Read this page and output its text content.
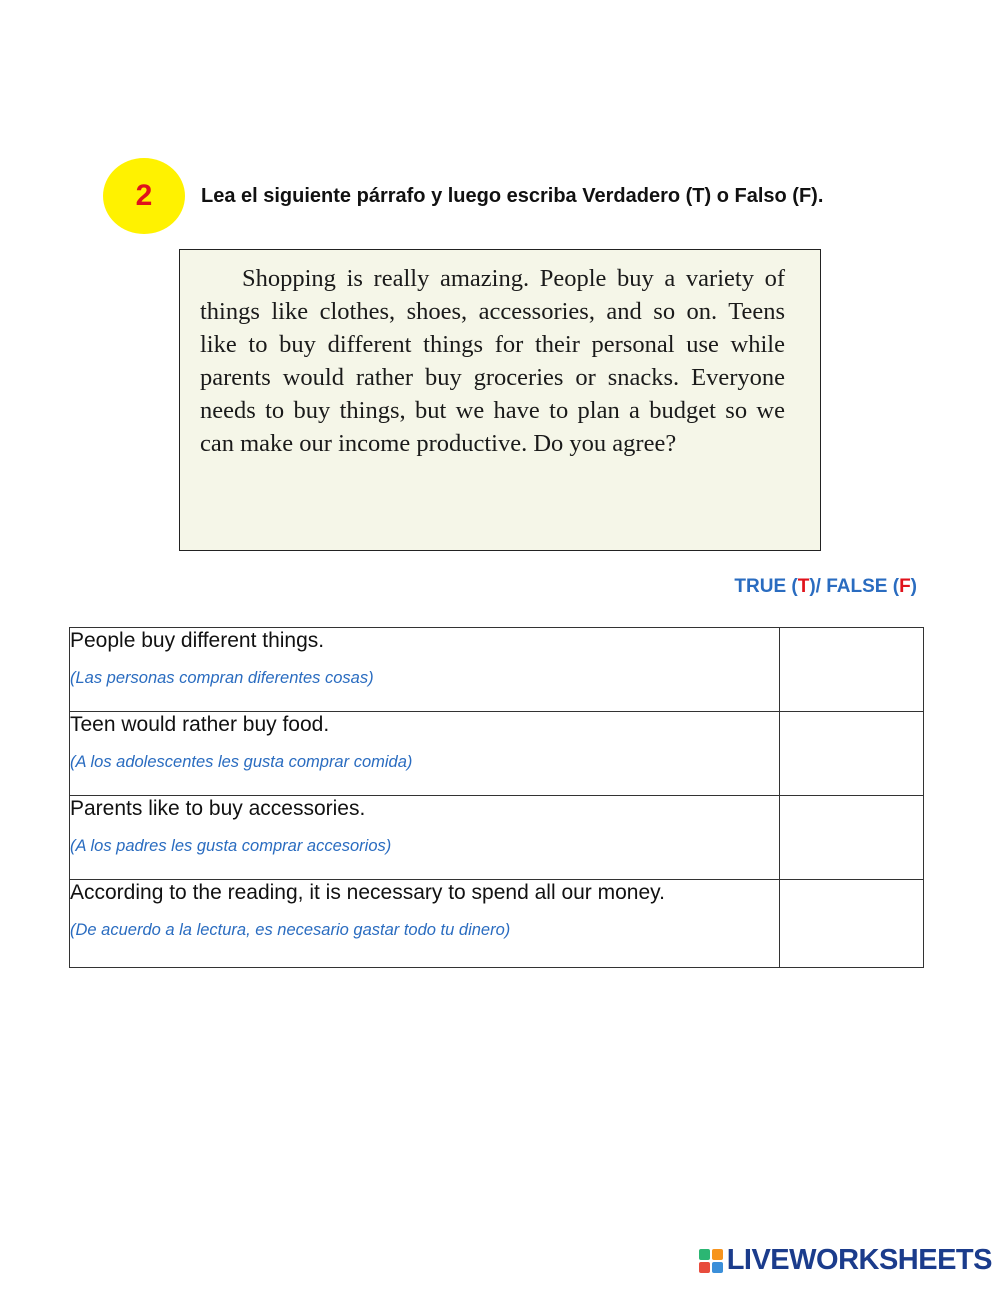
2 Lea el siguiente párrafo y luego escriba Verdadero (T) o Falso (F).

Shopping is really amazing. People buy a variety of things like clothes, shoes, accessories, and so on. Teens like to buy different things for their personal use while parents would rather buy groceries or snacks. Everyone needs to buy things, but we have to plan a budget so we can make our income productive. Do you agree?

TRUE (T)/ FALSE (F)
People buy different things.
(Las personas compran diferentes cosas)	

Teen would rather buy food.
(A los adolescentes les gusta comprar comida)	

Parents like to buy accessories.
(A los padres les gusta comprar accesorios)	

According to the reading, it is necessary to spend all our money.
(De acuerdo a la lectura, es necesario gastar todo tu dinero)	

LIVEWORKSHEETS
